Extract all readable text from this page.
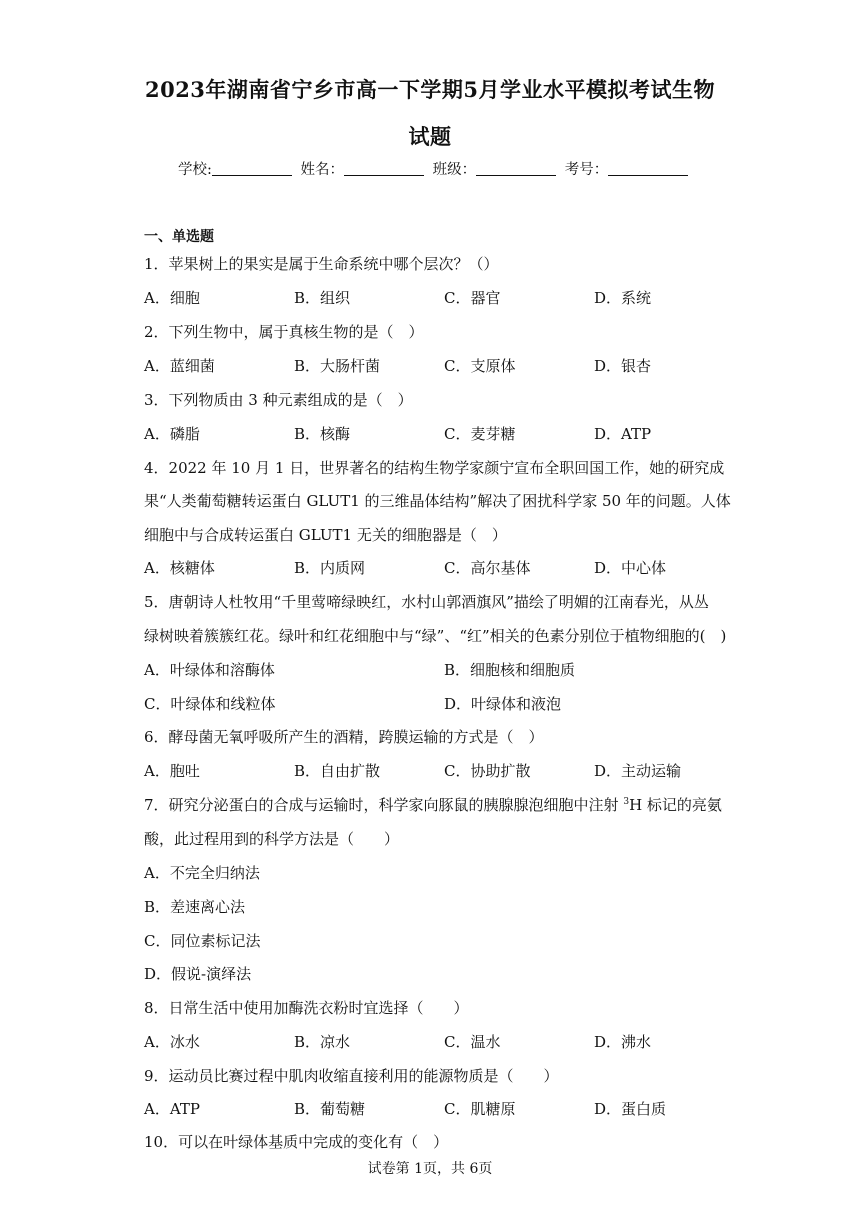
2023年湖南省宁乡市高一下学期5月学业水平模拟考试生物
试题
学校:	姓名：	班级：	考号：
一、单选题
1．苹果树上的果实是属于生命系统中哪个层次？（）
A．细胞	B．组织	C．器官	D．系统
2．下列生物中，属于真核生物的是（　）
A．蓝细菌	B．大肠杆菌	C．支原体	D．银杏
3．下列物质由 3 种元素组成的是（　）
A．磷脂	B．核酶	C．麦芽糖	D．ATP
4．2022 年 10 月 1 日，世界著名的结构生物学家颜宁宣布全职回国工作，她的研究成
果“人类葡萄糖转运蛋白 GLUT1 的三维晶体结构”解决了困扰科学家 50 年的问题。人体
细胞中与合成转运蛋白 GLUT1 无关的细胞器是（　）
A．核糖体	B．内质网	C．高尔基体	D．中心体
5．唐朝诗人杜牧用“千里莺啼绿映红，水村山郭酒旗风”描绘了明媚的江南春光，从丛
绿树映着簇簇红花。绿叶和红花细胞中与“绿”、“红”相关的色素分别位于植物细胞的(　)
A．叶绿体和溶酶体	B．细胞核和细胞质
C．叶绿体和线粒体	D．叶绿体和液泡
6．酵母菌无氧呼吸所产生的酒精，跨膜运输的方式是（　）
A．胞吐	B．自由扩散	C．协助扩散	D．主动运输
7．研究分泌蛋白的合成与运输时，科学家向豚鼠的胰腺腺泡细胞中注射 $^3$H 标记的亮氨
酸，此过程用到的科学方法是（　　）
A．不完全归纳法
B．差速离心法
C．同位素标记法
D．假说-演绎法
8．日常生活中使用加酶洗衣粉时宜选择（　　）
A．冰水	B．凉水	C．温水	D．沸水
9．运动员比赛过程中肌肉收缩直接利用的能源物质是（　　）
A．ATP	B．葡萄糖	C．肌糖原	D．蛋白质
10．可以在叶绿体基质中完成的变化有（　）
试卷第 1页，共 6页
